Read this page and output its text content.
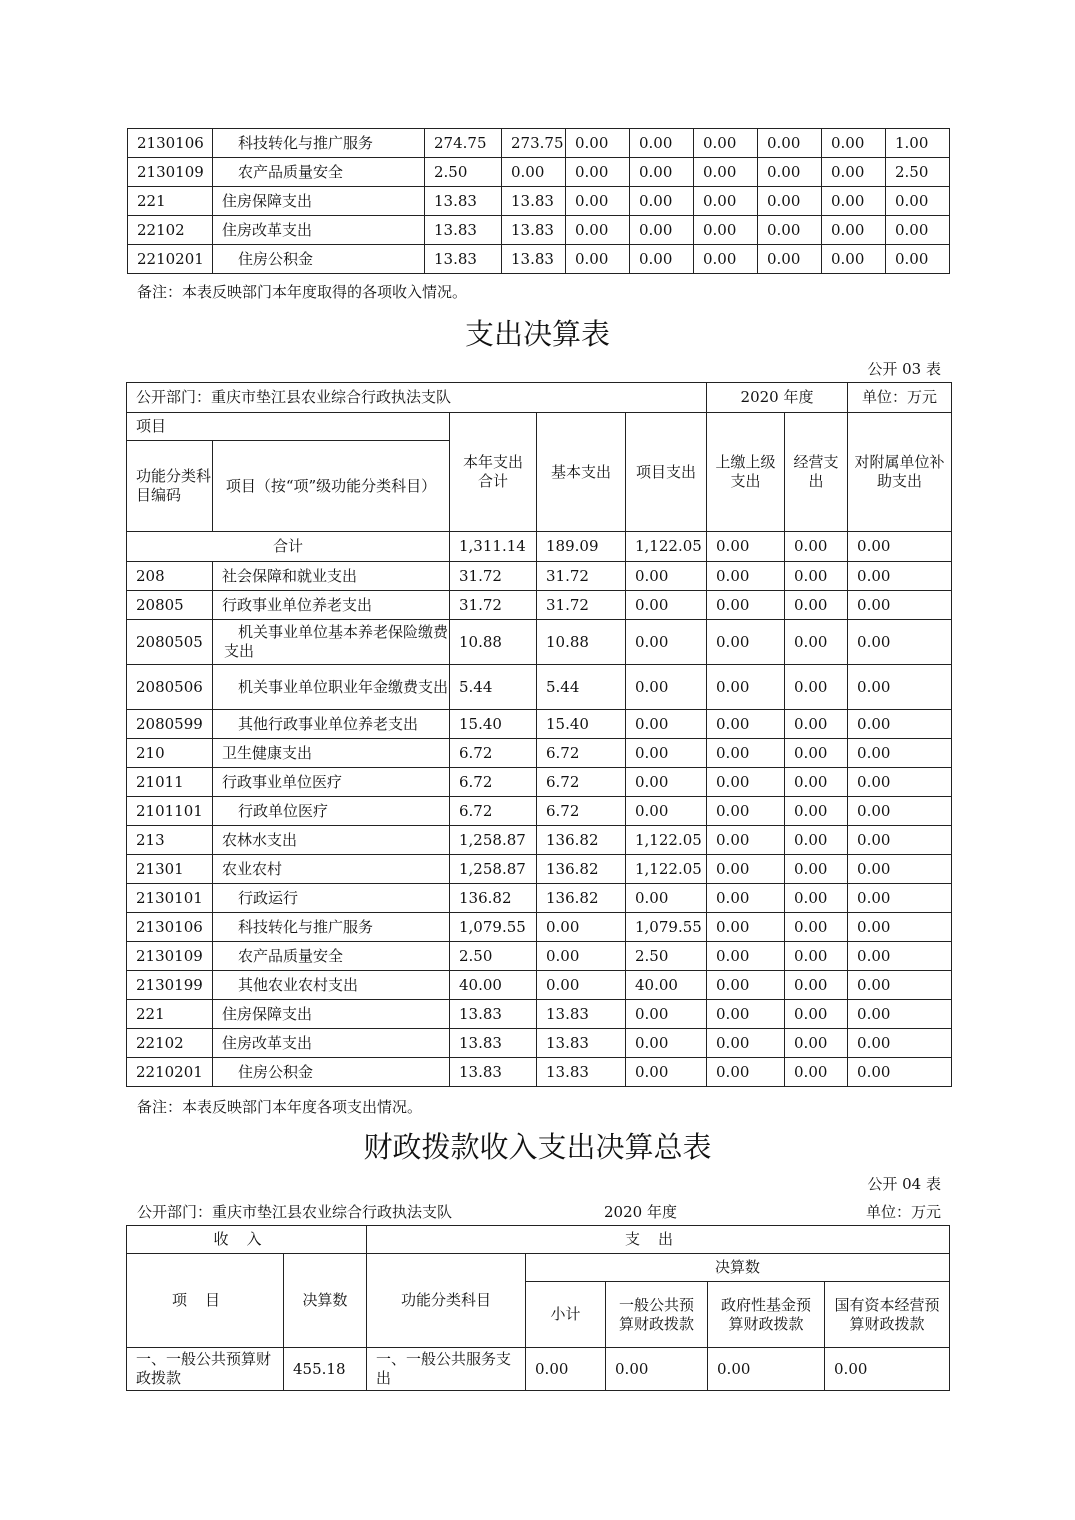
2130106	科技转化与推广服务	274.75	273.75	0.00	0.00	0.00	0.00	0.00	1.00
2130109	农产品质量安全	2.50	0.00	0.00	0.00	0.00	0.00	0.00	2.50
221	住房保障支出	13.83	13.83	0.00	0.00	0.00	0.00	0.00	0.00
22102	住房改革支出	13.83	13.83	0.00	0.00	0.00	0.00	0.00	0.00
2210201	住房公积金	13.83	13.83	0.00	0.00	0.00	0.00	0.00	0.00
备注：本表反映部门本年度取得的各项收入情况。
支出决算表
公开 03 表
公开部门：重庆市垫江县农业综合行政执法支队					2020 年度		单位：万元
项目		本年支出合计	基本支出	项目支出	上缴上级支出	经营支出	对附属单位补助支出
功能分类科目编码	项目（按“项”级功能分类科目）						
合计		1,311.14	189.09	1,122.05	0.00	0.00	0.00
208	社会保障和就业支出	31.72	31.72	0.00	0.00	0.00	0.00
20805	行政事业单位养老支出	31.72	31.72	0.00	0.00	0.00	0.00
2080505	机关事业单位基本养老保险缴费支出	10.88	10.88	0.00	0.00	0.00	0.00
2080506	机关事业单位职业年金缴费支出	5.44	5.44	0.00	0.00	0.00	0.00
2080599	其他行政事业单位养老支出	15.40	15.40	0.00	0.00	0.00	0.00
210	卫生健康支出	6.72	6.72	0.00	0.00	0.00	0.00
21011	行政事业单位医疗	6.72	6.72	0.00	0.00	0.00	0.00
2101101	行政单位医疗	6.72	6.72	0.00	0.00	0.00	0.00
213	农林水支出	1,258.87	136.82	1,122.05	0.00	0.00	0.00
21301	农业农村	1,258.87	136.82	1,122.05	0.00	0.00	0.00
2130101	行政运行	136.82	136.82	0.00	0.00	0.00	0.00
2130106	科技转化与推广服务	1,079.55	0.00	1,079.55	0.00	0.00	0.00
2130109	农产品质量安全	2.50	0.00	2.50	0.00	0.00	0.00
2130199	其他农业农村支出	40.00	0.00	40.00	0.00	0.00	0.00
221	住房保障支出	13.83	13.83	0.00	0.00	0.00	0.00
22102	住房改革支出	13.83	13.83	0.00	0.00	0.00	0.00
2210201	住房公积金	13.83	13.83	0.00	0.00	0.00	0.00
备注：本表反映部门本年度各项支出情况。
财政拨款收入支出决算总表
公开 04 表
公开部门：重庆市垫江县农业综合行政执法支队	2020 年度	单位：万元
收入		支出				
项目	决算数	功能分类科目	决算数			
			小计	一般公共预算财政拨款	政府性基金预算财政拨款	国有资本经营预算财政拨款
一、一般公共预算财政拨款	455.18	一、一般公共服务支出	0.00	0.00	0.00	0.00
